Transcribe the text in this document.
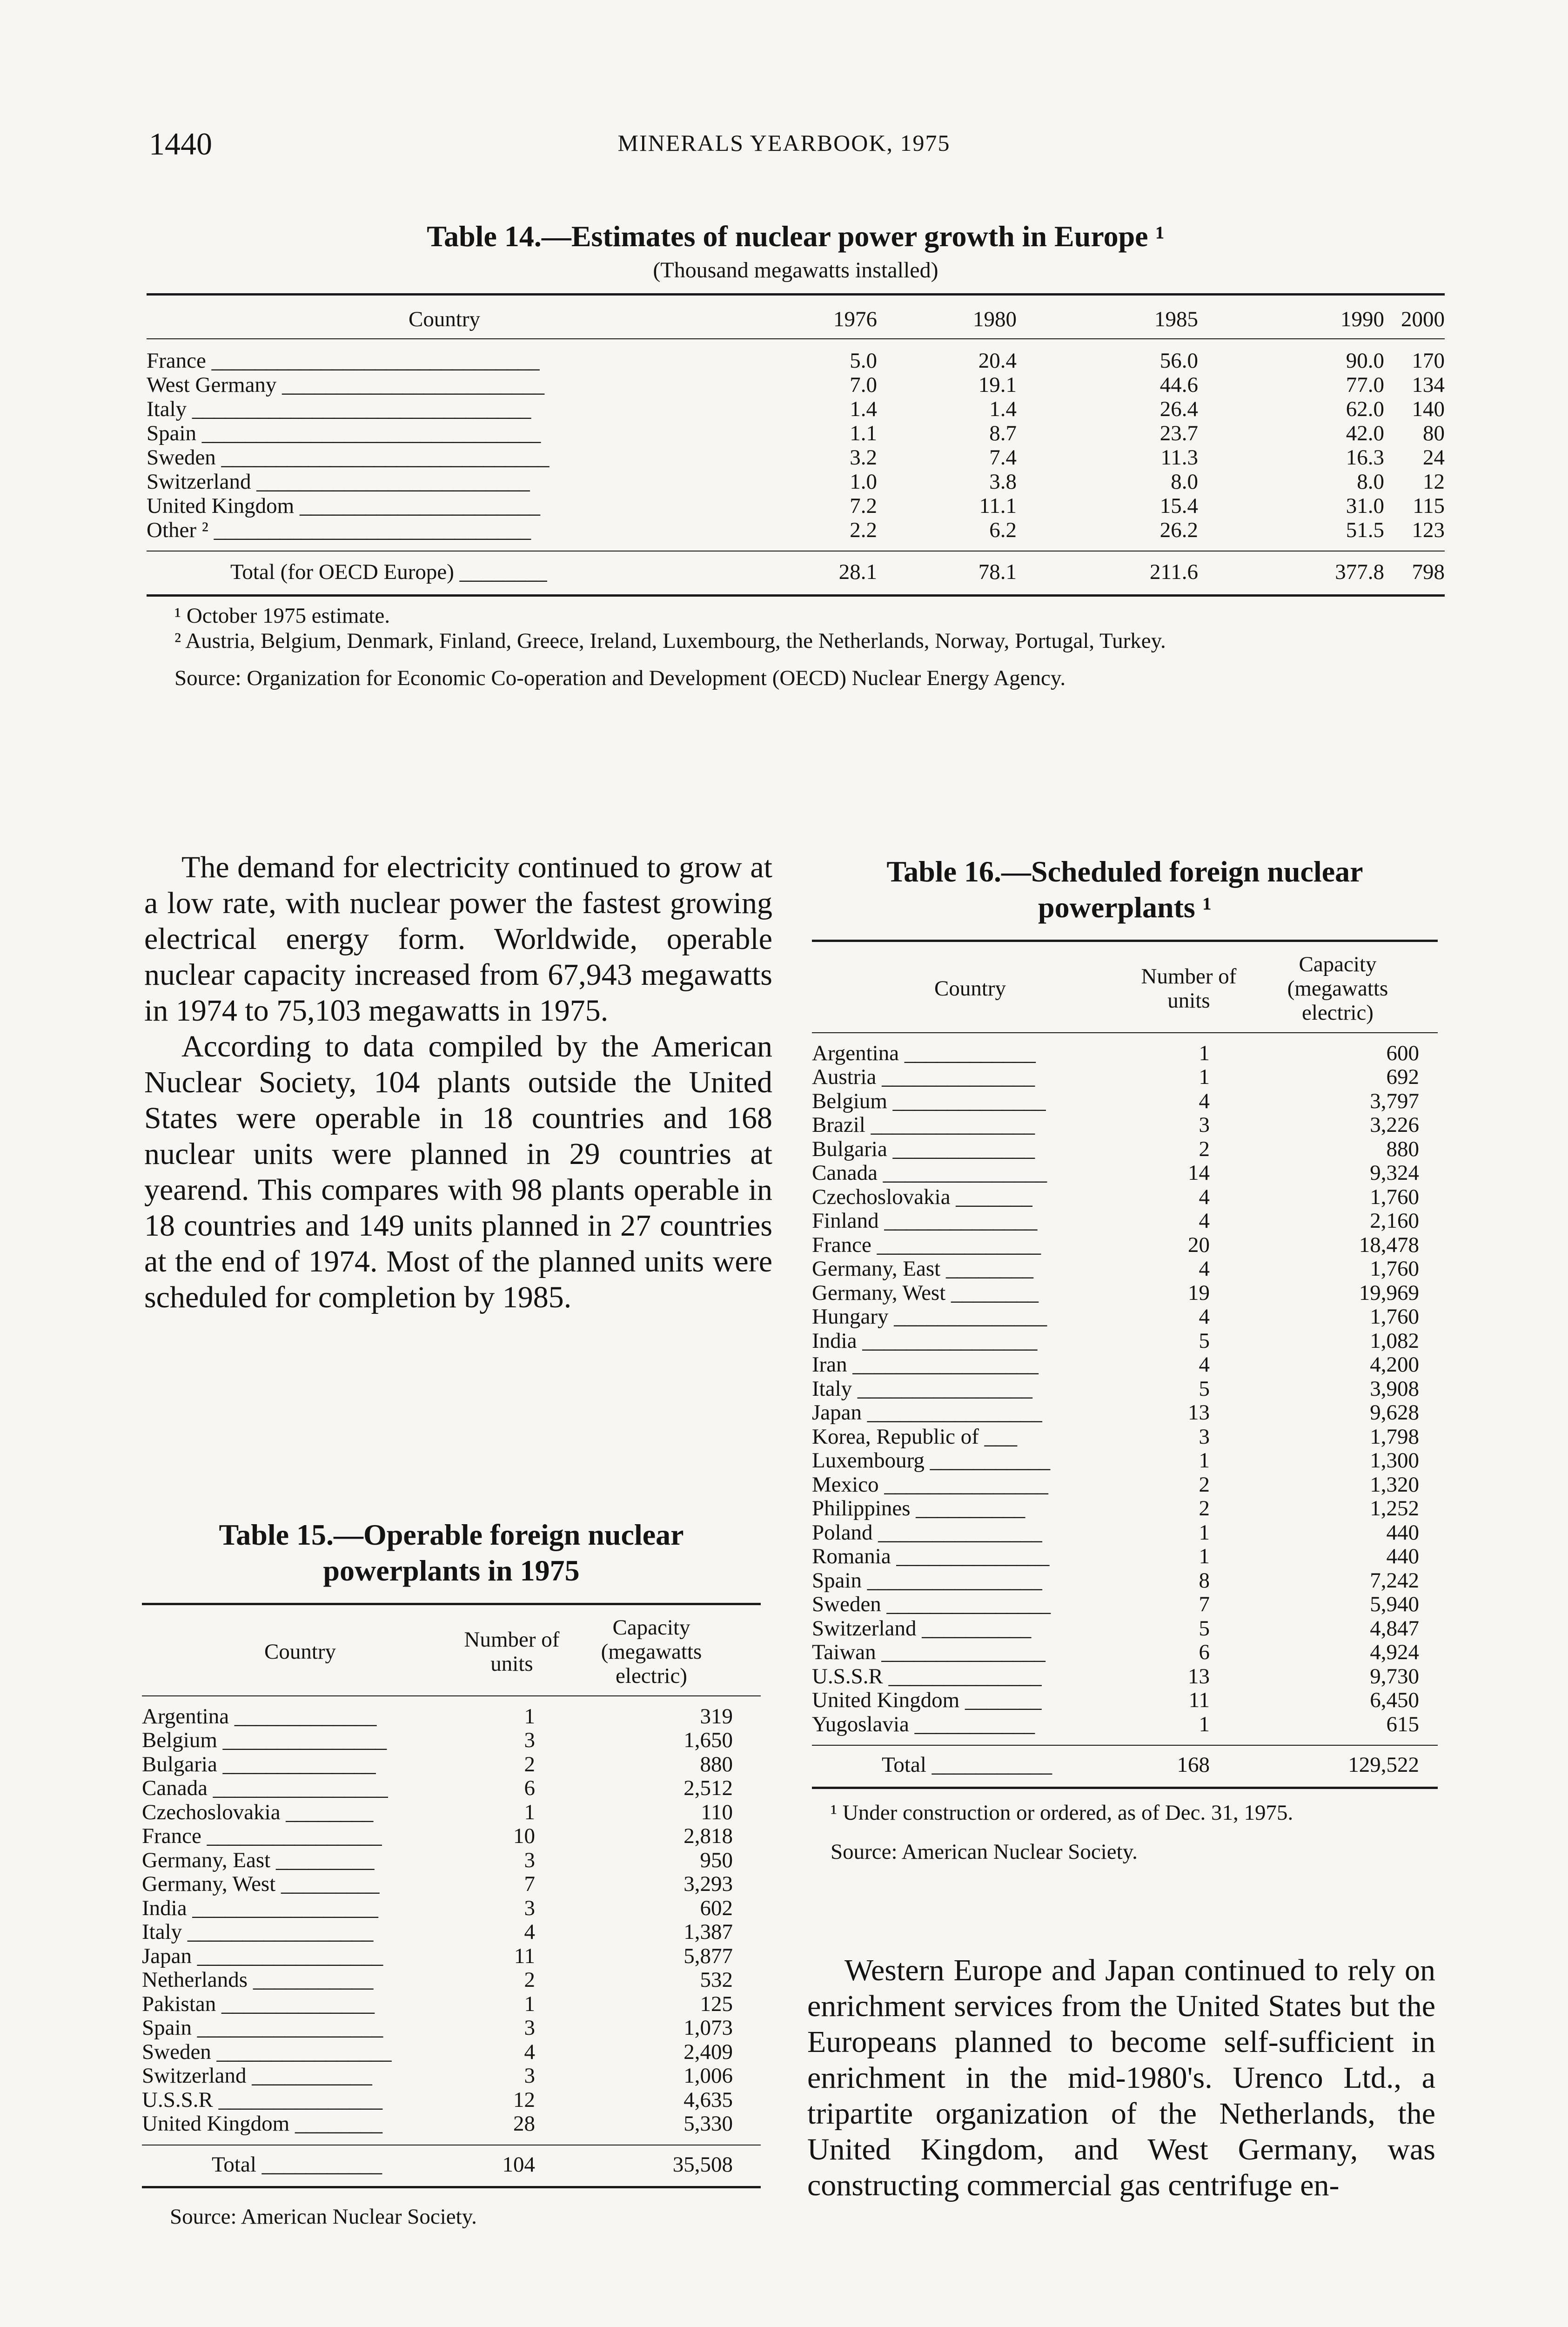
1440	MINERALS YEARBOOK, 1975
Table 14.—Estimates of nuclear power growth in Europe ¹
(Thousand megawatts installed)
Country	1976	1980	1985	1990 2000
France ______________________________	5.0	20.4	56.0	90.0	170
West Germany ________________________	7.0	19.1	44.6	77.0	134
Italy _______________________________	1.4	1.4	26.4	62.0	140
Spain _______________________________	1.1	8.7	23.7	42.0	80
Sweden ______________________________	3.2	7.4	11.3	16.3	24
Switzerland _________________________	1.0	3.8	8.0	8.0	12
United Kingdom ______________________	7.2	11.1	15.4	31.0	115
Other ² _____________________________	2.2	6.2	26.2	51.5	123
Total (for OECD Europe) ________	28.1	78.1	211.6	377.8	798

¹ October 1975 estimate.

² Austria, Belgium, Denmark, Finland, Greece, Ireland, Luxembourg, the Netherlands, Norway, Portugal, Turkey.

Source: Organization for Economic Co-operation and Development (OECD) Nuclear Energy Agency.

The demand for electricity continued to grow at a low rate, with nuclear power the fastest growing electrical energy form. Worldwide, operable nuclear capacity increased from 67,943 megawatts in 1974 to 75,103 megawatts in 1975.

According to data compiled by the American Nuclear Society, 104 plants outside the United States were operable in 18 countries and 168 nuclear units were planned in 29 countries at yearend. This compares with 98 plants operable in 18 countries and 149 units planned in 27 countries at the end of 1974. Most of the planned units were scheduled for completion by 1985.

Table 15.—Operable foreign nuclear powerplants in 1975
Country	Number of units
Capacity (megawatts electric)
Argentina _____________	1	319
Belgium _______________	3	1,650
Bulgaria ______________	2	880
Canada ________________	6	2,512
Czechoslovakia ________	1	110
France ________________	10	2,818
Germany, East _________	3	950
Germany, West _________	7	3,293
India _________________	3	602
Italy _________________	4	1,387
Japan _________________	11	5,877
Netherlands ___________	2	532
Pakistan ______________	1	125
Spain _________________	3	1,073
Sweden ________________	4	2,409
Switzerland ___________	3	1,006
U.S.S.R _______________	12	4,635
United Kingdom ________	28	5,330
Total ___________	104	35,508
Source: American Nuclear Society.
Table 16.—Scheduled foreign nuclear powerplants ¹
Country	Number of units
Capacity (megawatts electric)
Argentina ____________	1	600
Austria ______________	1	692
Belgium ______________	4	3,797
Brazil _______________	3	3,226
Bulgaria _____________	2	880
Canada _______________	14	9,324
Czechoslovakia _______	4	1,760
Finland ______________	4	2,160
France _______________	20	18,478
Germany, East ________	4	1,760
Germany, West ________	19	19,969
Hungary ______________	4	1,760
India ________________	5	1,082
Iran _________________	4	4,200
Italy ________________	5	3,908
Japan ________________	13	9,628
Korea, Republic of ___	3	1,798
Luxembourg ___________	1	1,300
Mexico _______________	2	1,320
Philippines __________	2	1,252
Poland _______________	1	440
Romania ______________	1	440
Spain ________________	8	7,242
Sweden _______________	7	5,940
Switzerland __________	5	4,847
Taiwan _______________	6	4,924
U.S.S.R ______________	13	9,730
United Kingdom _______	11	6,450
Yugoslavia ___________	1	615
Total ___________	168	129,522

¹ Under construction or ordered, as of Dec. 31, 1975.

Source: American Nuclear Society.

Western Europe and Japan continued to rely on enrichment services from the United States but the Europeans planned to become self-sufficient in enrichment in the mid-1980's. Urenco Ltd., a tripartite organization of the Netherlands, the United Kingdom, and West Germany, was constructing commercial gas centrifuge en-
